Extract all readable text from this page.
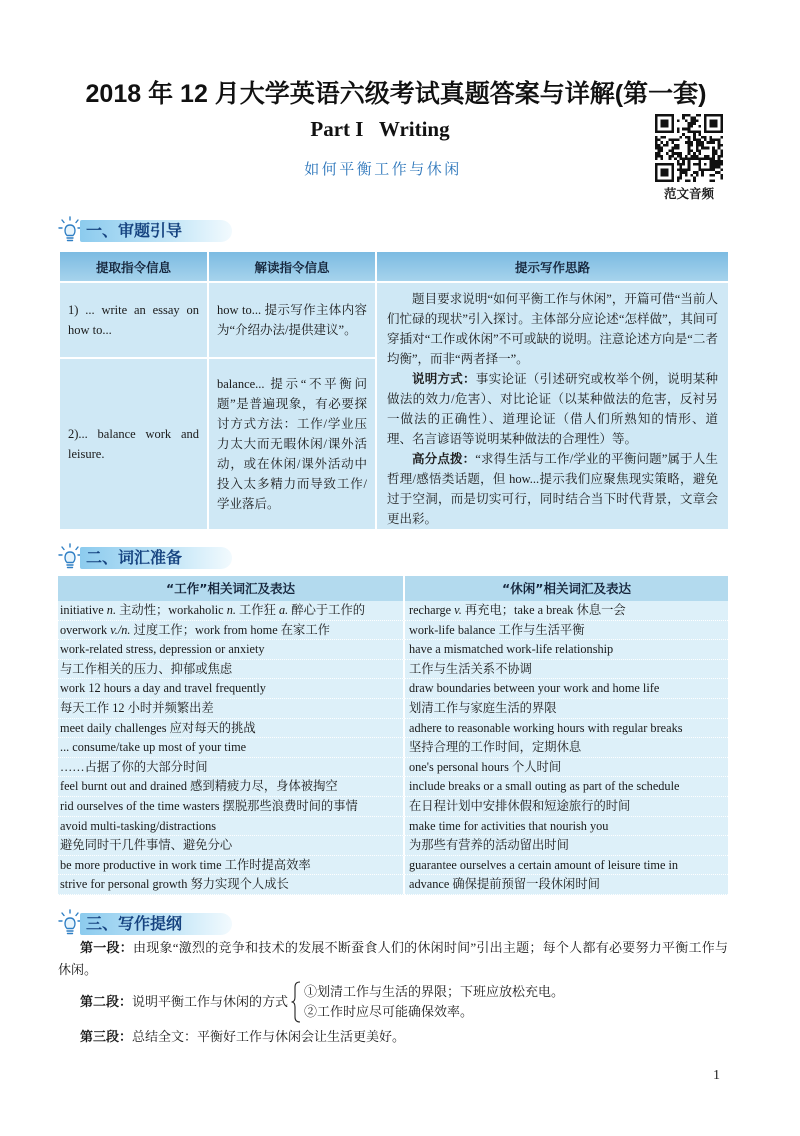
2018 年 12 月大学英语六级考试真题答案与详解(第一套)
Part I   Writing
如何平衡工作与休闲
范文音频
一、审题引导
提取指令信息	解读指令信息	提示写作思路
1) ... write an essay on how to...	how to... 提示写作主体内容为“介绍办法/提供建议”。	题目要求说明“如何平衡工作与休闲”，开篇可借“当前人们忙碌的现状”引入探讨。主体部分应论述“怎样做”，其间可穿插对“工作或休闲”不可或缺的说明。注意论述方向是“二者均衡”，而非“两者择一”。

说明方式：事实论证（引述研究或枚举个例，说明某种做法的效力/危害）、对比论证（以某种做法的危害，反衬另一做法的正确性）、道理论证（借人们所熟知的情形、道理、名言谚语等说明某种做法的合理性）等。

高分点拨：“求得生活与工作/学业的平衡问题”属于人生哲理/感悟类话题，但 how...提示我们应聚焦现实策略，避免过于空洞，而是切实可行，同时结合当下时代背景，文章会更出彩。

2)... balance work and leisure.	balance... 提示“不平衡问题”是普遍现象，有必要探讨方式方法：工作/学业压力太大而无暇休闲/课外活动，或在休闲/课外活动中投入太多精力而导致工作/学业落后。	
二、词汇准备
“工作”相关词汇及表达	“休闲”相关词汇及表达
initiative n. 主动性；workaholic n. 工作狂 a. 醉心于工作的	recharge v. 再充电；take a break 休息一会
overwork v./n. 过度工作；work from home 在家工作	work-life balance 工作与生活平衡
work-related stress, depression or anxiety	have a mismatched work-life relationship
与工作相关的压力、抑郁或焦虑	工作与生活关系不协调
work 12 hours a day and travel frequently	draw boundaries between your work and home life
每天工作 12 小时并频繁出差	划清工作与家庭生活的界限
meet daily challenges 应对每天的挑战	adhere to reasonable working hours with regular breaks
... consume/take up most of your time	坚持合理的工作时间，定期休息
……占据了你的大部分时间	one's personal hours 个人时间
feel burnt out and drained 感到精疲力尽，身体被掏空	include breaks or a small outing as part of the schedule
rid ourselves of the time wasters 摆脱那些浪费时间的事情	在日程计划中安排休假和短途旅行的时间
avoid multi-tasking/distractions	make time for activities that nourish you
避免同时干几件事情、避免分心	为那些有营养的活动留出时间
be more productive in work time 工作时提高效率	guarantee ourselves a certain amount of leisure time in
strive for personal growth 努力实现个人成长	advance 确保提前预留一段休闲时间
三、写作提纲

第一段：由现象“激烈的竞争和技术的发展不断蚕食人们的休闲时间”引出主题；每个人都有必要努力平衡工作与休闲。

第二段：说明平衡工作与休闲的方式
①划清工作与生活的界限；下班应放松充电。
②工作时应尽可能确保效率。

第三段：总结全文：平衡好工作与休闲会让生活更美好。

1
